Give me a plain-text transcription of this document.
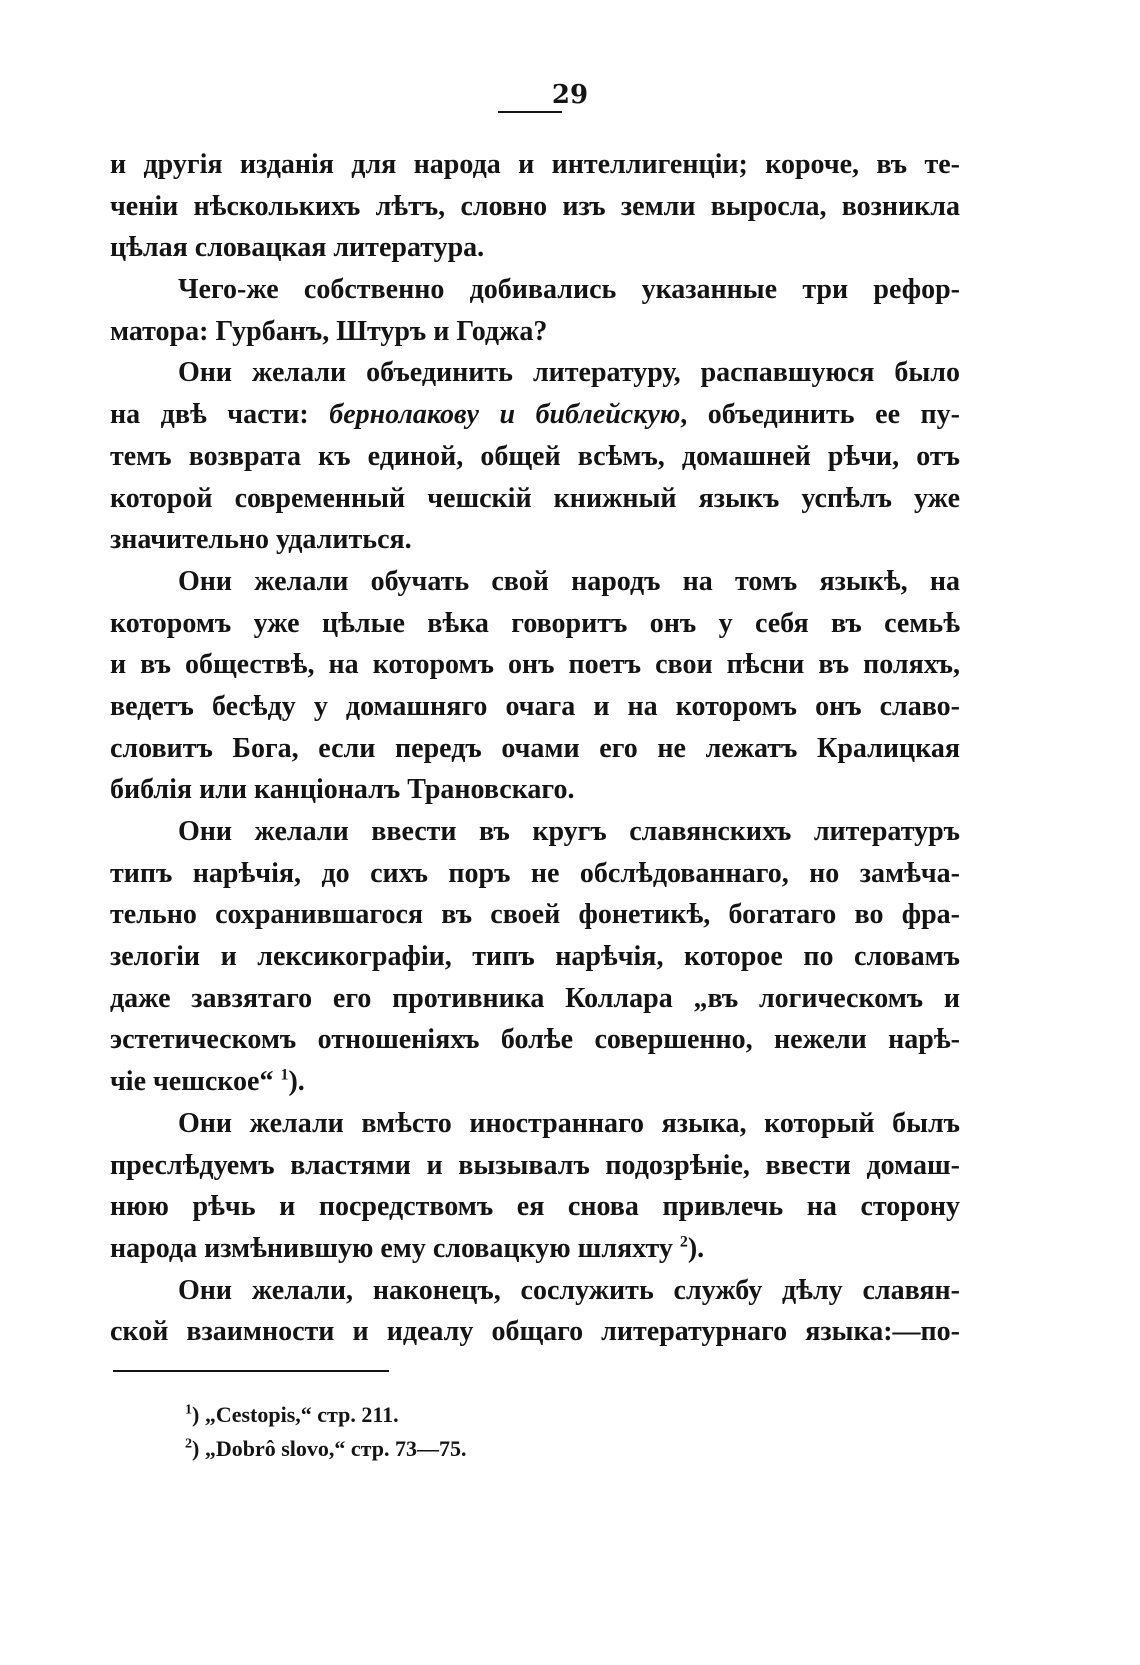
29
и другія изданія для народа и интеллигенціи; короче, въ те-
ченіи нѣсколькихъ лѣтъ, словно изъ земли выросла, возникла
цѣлая словацкая литература.
Чего-же собственно добивались указанные три рефор-
матора: Гурбанъ, Штуръ и Годжа?
Они желали объединить литературу, распавшуюся было
на двѣ части: бернолакову и библейскую, объединить ее пу-
темъ возврата къ единой, общей всѣмъ, домашней рѣчи, отъ
которой современный чешскій книжный языкъ успѣлъ уже
значительно удалиться.
Они желали обучать свой народъ на томъ языкѣ, на
которомъ уже цѣлые вѣка говоритъ онъ у себя въ семьѣ
и въ обществѣ, на которомъ онъ поетъ свои пѣсни въ поляхъ,
ведетъ бесѣду у домашняго очага и на которомъ онъ славо-
словитъ Бога, если передъ очами его не лежатъ Кралицкая
библія или канціоналъ Трановскаго.
Они желали ввести въ кругъ славянскихъ литературъ
типъ нарѣчія, до сихъ поръ не обслѣдованнаго, но замѣча-
тельно сохранившагося въ своей фонетикѣ, богатаго во фра-
зелогіи и лексикографіи, типъ нарѣчія, которое по словамъ
даже завзятаго его противника Коллара „въ логическомъ и
эстетическомъ отношеніяхъ болѣе совершенно, нежели нарѣ-
чіе чешское“ $^1$).
Они желали вмѣсто иностраннаго языка, который былъ
преслѣдуемъ властями и вызывалъ подозрѣніе, ввести домаш-
нюю рѣчь и посредствомъ ея снова привлечь на сторону
народа измѣнившую ему словацкую шляхту $^2$).
Они желали, наконецъ, сослужить службу дѣлу славян-
ской взаимности и идеалу общаго литературнаго языка:—по-
$^1$) „Cestopis,“ стр. 211.
$^2$) „Dobrô slovo,“ стр. 73—75.
